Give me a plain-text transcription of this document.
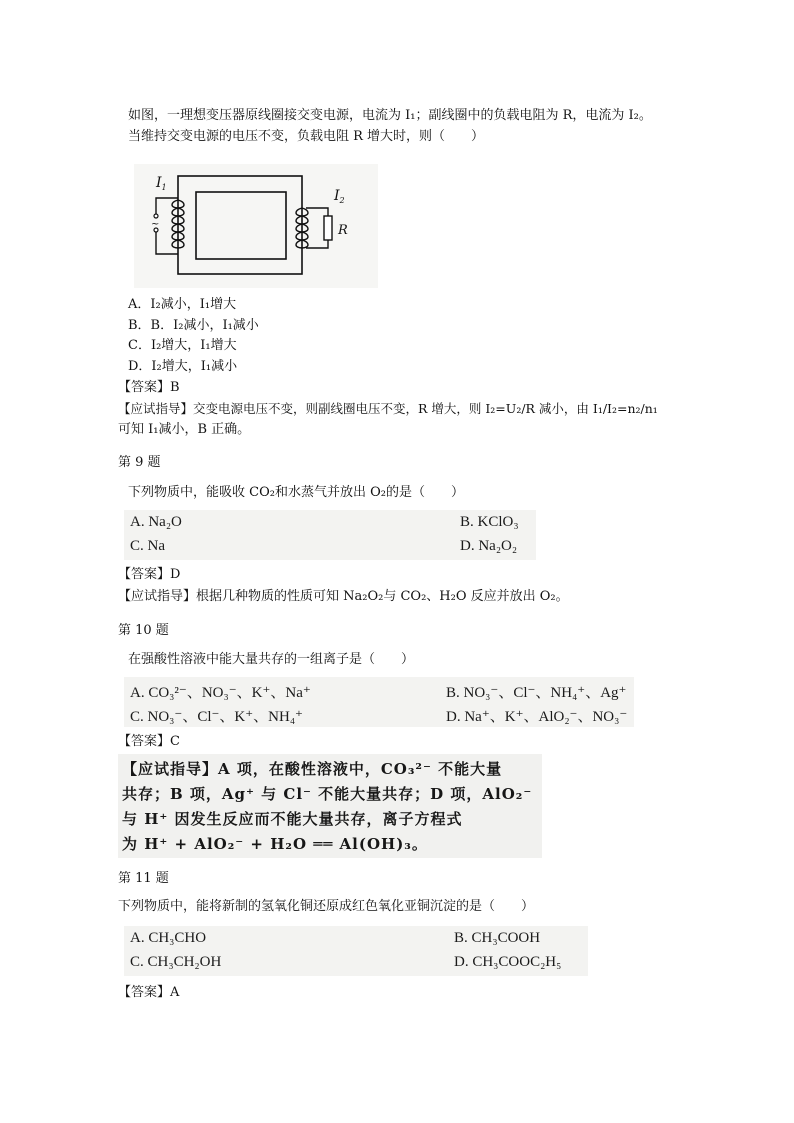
如图，一理想变压器原线圈接交变电源，电流为 I₁；副线圈中的负载电阻为 R，电流为 I₂。
当维持交变电源的电压不变，负载电阻 R 增大时，则（　　）
~
$I_1$
$I_2$
R
A．I₂减小，I₁增大
B．B．I₂减小，I₁减小
C．I₂增大，I₁增大
D．I₂增大，I₁减小
【答案】B
【应试指导】交变电源电压不变，则副线圈电压不变，R 增大，则 I₂=U₂/R 减小，由 I₁/I₂=n₂/n₁
可知 I₁减小，B 正确。
第 9 题
下列物质中，能吸收 CO₂和水蒸气并放出 O₂的是（　　）
A. Na₂O	B. KClO₃
C. Na	D. Na₂O₂
【答案】D
【应试指导】根据几种物质的性质可知 Na₂O₂与 CO₂、H₂O 反应并放出 O₂。
第 10 题
在强酸性溶液中能大量共存的一组离子是（　　）
A. CO₃²⁻、NO₃⁻、K⁺、Na⁺	B. NO₃⁻、Cl⁻、NH₄⁺、Ag⁺
C. NO₃⁻、Cl⁻、K⁺、NH₄⁺	D. Na⁺、K⁺、AlO₂⁻、NO₃⁻
【答案】C
【应试指导】A 项，在酸性溶液中，CO₃²⁻ 不能大量
共存；B 项，Ag⁺ 与 Cl⁻ 不能大量共存；D 项，AlO₂⁻
与 H⁺ 因发生反应而不能大量共存，离子方程式
为 H⁺ + AlO₂⁻ + H₂O ══ Al(OH)₃。
第 11 题
下列物质中，能将新制的氢氧化铜还原成红色氧化亚铜沉淀的是（　　）
A. CH₃CHO	B. CH₃COOH
C. CH₃CH₂OH	D. CH₃COOC₂H₅
【答案】A
